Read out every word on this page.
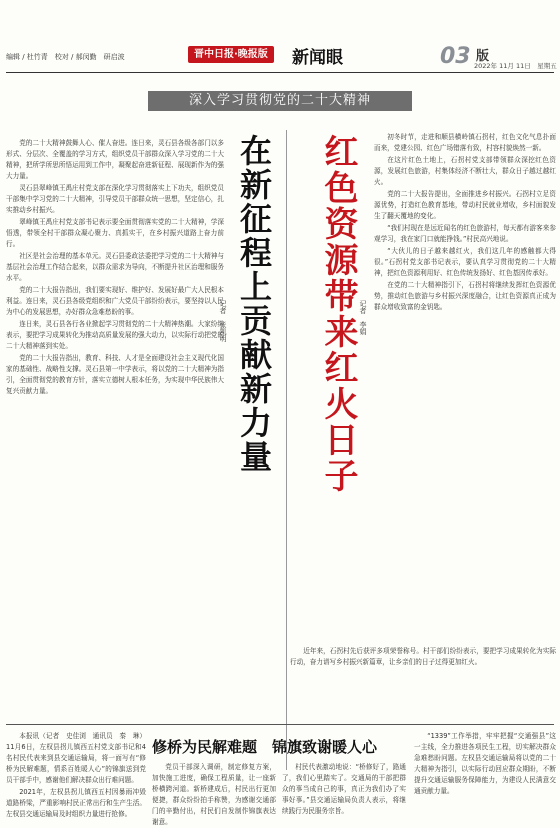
编辑 / 杜竹青　校对 / 郝闵勤　研启波	晋中日报·晚报版	新闻眼	03 版
2022年 11月 11日　星期五
深入学习贯彻党的二十大精神

党的二十大精神鼓舞人心、催人奋进。连日来，灵石县各级各部门以多形式、分层次、全覆盖的学习方式，组织党员干部群众深入学习党的二十大精神，把所学所思所悟运用到工作中，凝聚起奋进新征程、展现新作为的强大力量。

灵石县翠峰镇王禹庄村党支部在深化学习贯彻落实上下功夫，组织党员干部集中学习党的二十大精神，引导党员干部群众统一思想，坚定信心，扎实推动乡村振兴。

翠峰镇王禹庄村党支部书记表示要全面贯彻落实党的二十大精神，学深悟透，带领全村干部群众凝心聚力、真抓实干，在乡村振兴道路上奋力前行。

社区是社会治理的基本单元。灵石县委政法委把学习党的二十大精神与基层社会治理工作结合起来，以群众需求为导向，不断提升社区治理和服务水平。

党的二十大报告指出，我们要实现好、维护好、发展好最广大人民根本利益。连日来，灵石县各级党组织和广大党员干部纷纷表示，要坚持以人民为中心的发展思想，办好群众急难愁盼的事。

连日来，灵石县各行各业掀起学习贯彻党的二十大精神热潮。大家纷纷表示，要把学习成果转化为推动高质量发展的强大动力，以实际行动把党的二十大精神落到实处。

党的二十大报告指出，教育、科技、人才是全面建设社会主义现代化国家的基础性、战略性支撑。灵石县第一中学表示，将以党的二十大精神为指引，全面贯彻党的教育方针，落实立德树人根本任务，为实现中华民族伟大复兴贡献力量。	在新征程上贡献新力量
记者　张凯明	红色资源带来红火日子 记者　李娟

初冬时节，走进和顺县横岭镇石拐村，红色文化气息扑面而来，党建公园、红色广场错落有致，村容村貌焕然一新。

在这片红色土地上，石拐村党支部带领群众深挖红色资源，发展红色旅游，村集体经济不断壮大，群众日子越过越红火。

党的二十大报告提出，全面推进乡村振兴。石拐村立足资源优势，打造红色教育基地，带动村民就业增收，乡村面貌发生了翻天覆地的变化。

“我们村现在是远近闻名的红色旅游村，每天都有游客来参观学习，我在家门口就能挣钱。”村民高兴地说。

“大伙儿的日子越来越红火，我们这几年的感触都大得很。”石拐村党支部书记表示，要认真学习贯彻党的二十大精神，把红色资源利用好、红色传统发扬好、红色基因传承好。

在党的二十大精神指引下，石拐村将继续发挥红色资源优势，推动红色旅游与乡村振兴深度融合，让红色资源真正成为群众增收致富的金钥匙。

近年来，石拐村先后获评多项荣誉称号。村干部们纷纷表示，要把学习成果转化为实际行动，奋力谱写乡村振兴新篇章，让乡亲们的日子过得更加红火。

本报讯（记者　史佳浏　通讯员　秦　琳）11月6日，左权县拐儿镇西五村党支部书记和4名村民代表来到县交通运输局，将一面写有“修桥为民解难题，情系百姓暖人心”的锦旗送到党员干部手中，感谢他们解决群众出行难问题。

2021年，左权县拐儿镇西五村因暴雨冲毁道路桥梁，严重影响村民正常出行和生产生活。左权县交通运输局及时组织力量进行抢修。

修桥为民解难题　锦旗致谢暖人心

党员干部深入调研，制定修复方案，加快施工进度，确保工程质量，让一座新桥横跨河道。新桥建成后，村民出行更加便捷，群众纷纷拍手称赞，为感谢交通部门的辛勤付出，村民们自发制作锦旗表达谢意。

村民代表激动地说：“桥修好了，路通了，我们心里踏实了。交通局的干部把群众的事当成自己的事，真正为我们办了实事好事。”县交通运输局负责人表示，将继续践行为民服务宗旨。

“1339”工作举措，牢牢把握“交通强县”这一主线，全力推进各项民生工程，切实解决群众急难愁盼问题。左权县交通运输局将以党的二十大精神为指引，以实际行动回应群众期盼，不断提升交通运输服务保障能力，为建设人民满意交通贡献力量。
